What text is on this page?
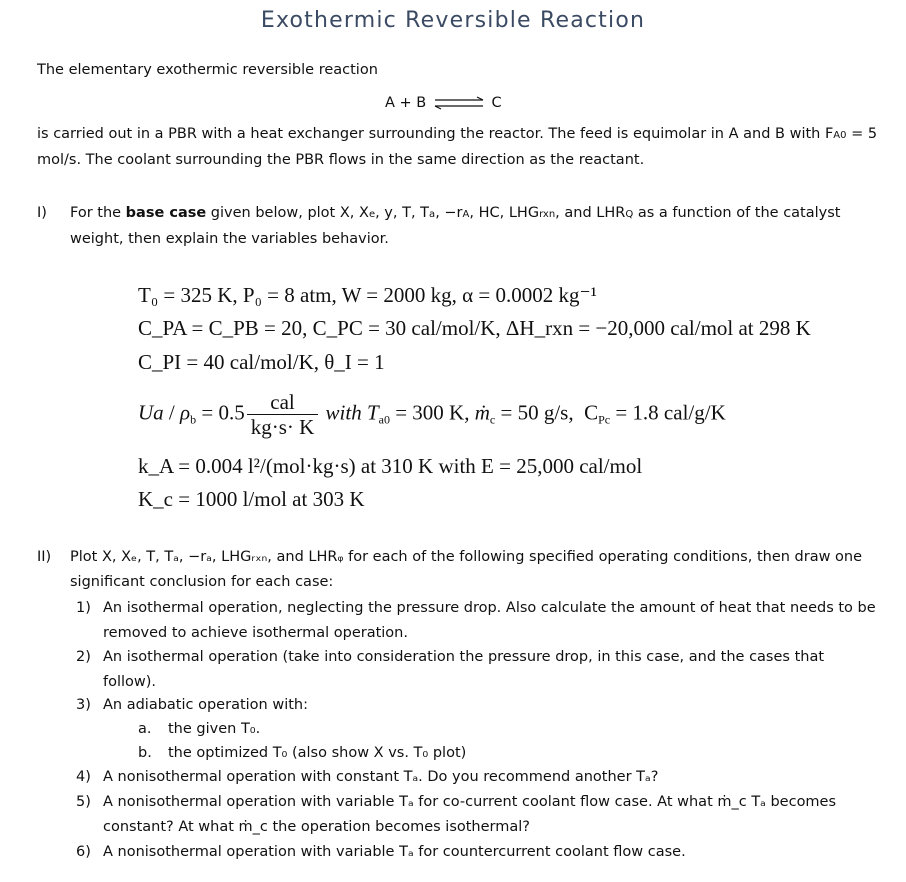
Exothermic Reversible Reaction
The elementary exothermic reversible reaction
A + B ⇌ C
is carried out in a PBR with a heat exchanger surrounding the reactor. The feed is equimolar in A and B with FA0 = 5 mol/s. The coolant surrounding the PBR flows in the same direction as the reactant.
I) For the base case given below, plot X, Xe, y, T, Ta, −rA, HC, LHGrxn, and LHRQ as a function of the catalyst weight, then explain the variables behavior.
T₀ = 325 K, P₀ = 8 atm, W = 2000 kg, α = 0.0002 kg⁻¹
C_PA = C_PB = 20, C_PC = 30 cal/mol/K, ΔH_rxn = −20,000 cal/mol at 298 K
C_PI = 40 cal/mol/K, θ_I = 1
$Ua / \rho_b = 0.5 \frac{\text{cal}}{kg\cdot s\cdot K}$ with $T_{a0} = 300$ K, ṁ$_c$ = 50 g/s,  $C_{Pc} = 1.8$ cal/g/K
k_A = 0.004 l²/(mol·kg·s) at 310 K with E = 25,000 cal/mol
K_c = 1000 l/mol at 303 K
II) Plot X, Xₑ, T, Tₐ, −rₐ, LHGᵣₓₙ, and LHRᵩ for each of the following specified operating conditions, then draw one significant conclusion for each case:
1) An isothermal operation, neglecting the pressure drop. Also calculate the amount of heat that needs to be removed to achieve isothermal operation.
2) An isothermal operation (take into consideration the pressure drop, in this case, and the cases that follow).
3) An adiabatic operation with:
a. the given T₀.
b. the optimized T₀ (also show X vs. T₀ plot)
4) A nonisothermal operation with constant Tₐ. Do you recommend another Tₐ?
5) A nonisothermal operation with variable Tₐ for co-current coolant flow case. At what ṁ_c Tₐ becomes constant? At what ṁ_c the operation becomes isothermal?
6) A nonisothermal operation with variable Tₐ for countercurrent coolant flow case.
